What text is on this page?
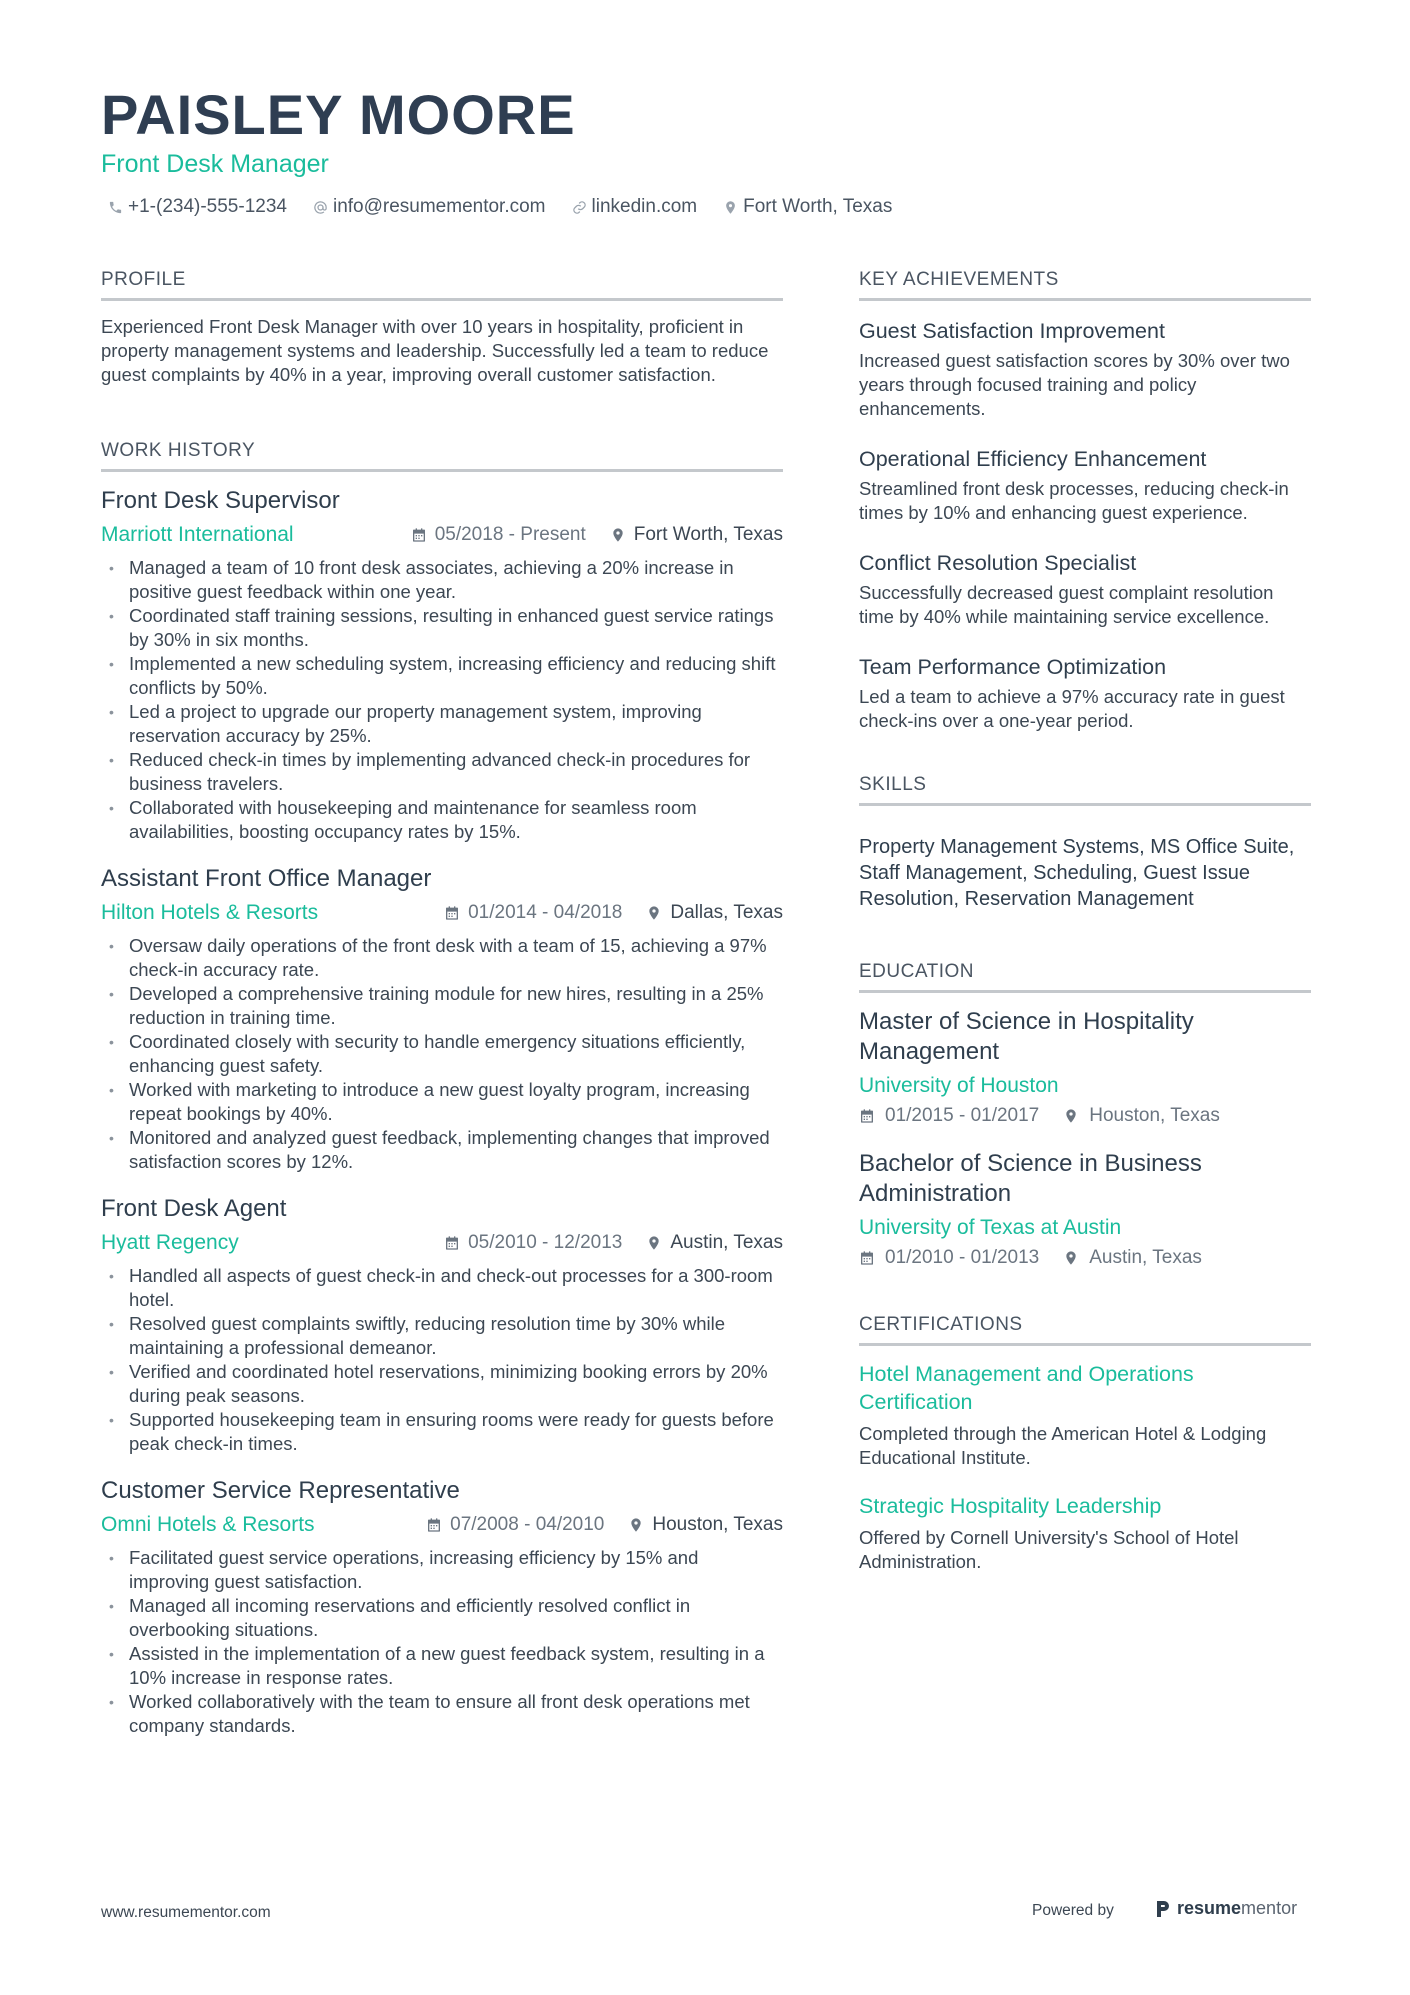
PAISLEY MOORE
Front Desk Manager
+1-(234)-555-1234 info@resumementor.com linkedin.com Fort Worth, Texas
PROFILE

Experienced Front Desk Manager with over 10 years in hospitality, proficient in property management systems and leadership. Successfully led a team to reduce guest complaints by 40% in a year, improving overall customer satisfaction.

WORK HISTORY
Front Desk Supervisor
Marriott International	05/2018 - Present	Fort Worth, Texas
• Managed a team of 10 front desk associates, achieving a 20% increase in positive guest feedback within one year.
• Coordinated staff training sessions, resulting in enhanced guest service ratings by 30% in six months.
• Implemented a new scheduling system, increasing efficiency and reducing shift conflicts by 50%.
• Led a project to upgrade our property management system, improving reservation accuracy by 25%.
• Reduced check-in times by implementing advanced check-in procedures for business travelers.
• Collaborated with housekeeping and maintenance for seamless room availabilities, boosting occupancy rates by 15%.
Assistant Front Office Manager
Hilton Hotels & Resorts	01/2014 - 04/2018	Dallas, Texas
• Oversaw daily operations of the front desk with a team of 15, achieving a 97% check-in accuracy rate.
• Developed a comprehensive training module for new hires, resulting in a 25% reduction in training time.
• Coordinated closely with security to handle emergency situations efficiently, enhancing guest safety.
• Worked with marketing to introduce a new guest loyalty program, increasing repeat bookings by 40%.
• Monitored and analyzed guest feedback, implementing changes that improved satisfaction scores by 12%.
Front Desk Agent
Hyatt Regency	05/2010 - 12/2013	Austin, Texas
• Handled all aspects of guest check-in and check-out processes for a 300-room hotel.
• Resolved guest complaints swiftly, reducing resolution time by 30% while maintaining a professional demeanor.
• Verified and coordinated hotel reservations, minimizing booking errors by 20% during peak seasons.
• Supported housekeeping team in ensuring rooms were ready for guests before peak check-in times.
Customer Service Representative
Omni Hotels & Resorts	07/2008 - 04/2010	Houston, Texas
• Facilitated guest service operations, increasing efficiency by 15% and improving guest satisfaction.
• Managed all incoming reservations and efficiently resolved conflict in overbooking situations.
• Assisted in the implementation of a new guest feedback system, resulting in a 10% increase in response rates.
• Worked collaboratively with the team to ensure all front desk operations met company standards.
KEY ACHIEVEMENTS
Guest Satisfaction Improvement
Increased guest satisfaction scores by 30% over two years through focused training and policy enhancements.
Operational Efficiency Enhancement
Streamlined front desk processes, reducing check-in times by 10% and enhancing guest experience.
Conflict Resolution Specialist
Successfully decreased guest complaint resolution time by 40% while maintaining service excellence.
Team Performance Optimization
Led a team to achieve a 97% accuracy rate in guest check-ins over a one-year period.
SKILLS
Property Management Systems, MS Office Suite, Staff Management, Scheduling, Guest Issue Resolution, Reservation Management
EDUCATION
Master of Science in Hospitality Management
University of Houston
01/2015 - 01/2017	Houston, Texas
Bachelor of Science in Business Administration
University of Texas at Austin
01/2010 - 01/2013	Austin, Texas
CERTIFICATIONS
Hotel Management and Operations Certification
Completed through the American Hotel & Lodging Educational Institute.
Strategic Hospitality Leadership
Offered by Cornell University's School of Hotel Administration.
www.resumementor.com	Powered by	resume mentor
